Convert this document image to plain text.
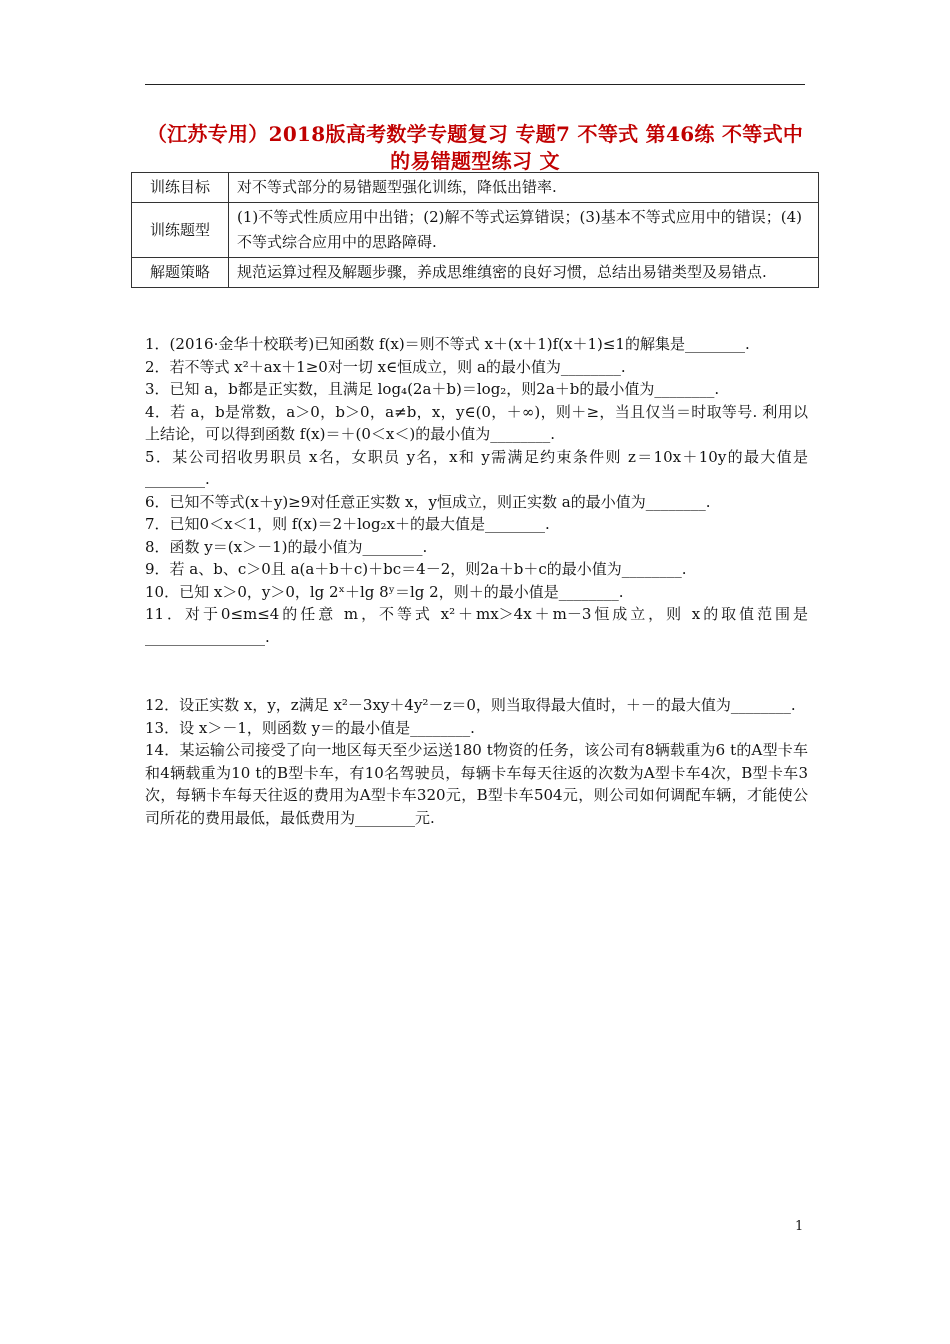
（江苏专用）2018版高考数学专题复习 专题7 不等式 第46练 不等式中的易错题型练习 文
训练目标	对不等式部分的易错题型强化训练，降低出错率.
训练题型	(1)不等式性质应用中出错；(2)解不等式运算错误；(3)基本不等式应用中的错误；(4)不等式综合应用中的思路障碍.
解题策略	规范运算过程及解题步骤，养成思维缜密的良好习惯，总结出易错类型及易错点.

1．(2016·金华十校联考)已知函数 f(x)＝则不等式 x＋(x＋1)f(x＋1)≤1的解集是________.

2．若不等式 x²＋ax＋1≥0对一切 x∈恒成立，则 a的最小值为________.

3．已知 a，b都是正实数，且满足 log₄(2a＋b)＝log₂，则2a＋b的最小值为________.

4．若 a，b是常数，a＞0，b＞0，a≠b，x，y∈(0，＋∞)，则＋≥，当且仅当＝时取等号. 利用以上结论，可以得到函数 f(x)＝＋(0＜x＜)的最小值为________.

5．某公司招收男职员 x名，女职员 y名，x和 y需满足约束条件则 z＝10x＋10y的最大值是________.

6．已知不等式(x＋y)≥9对任意正实数 x，y恒成立，则正实数 a的最小值为________.

7．已知0＜x＜1，则 f(x)＝2＋log₂x＋的最大值是________.

8．函数 y＝(x＞－1)的最小值为________.

9．若 a、b、c＞0且 a(a＋b＋c)＋bc＝4－2，则2a＋b＋c的最小值为________.

10．已知 x＞0，y＞0，lg 2ˣ＋lg 8ʸ＝lg 2，则＋的最小值是________.

11．对于0≤m≤4的任意 m，不等式 x²＋mx＞4x＋m－3恒成立，则 x的取值范围是________________.

12．设正实数 x，y，z满足 x²－3xy＋4y²－z＝0，则当取得最大值时，＋－的最大值为________.

13．设 x＞－1，则函数 y＝的最小值是________.

14．某运输公司接受了向一地区每天至少运送180 t物资的任务，该公司有8辆载重为6 t的A型卡车和4辆载重为10 t的B型卡车，有10名驾驶员，每辆卡车每天往返的次数为A型卡车4次，B型卡车3次，每辆卡车每天往返的费用为A型卡车320元，B型卡车504元，则公司如何调配车辆，才能使公司所花的费用最低，最低费用为________元.

1
